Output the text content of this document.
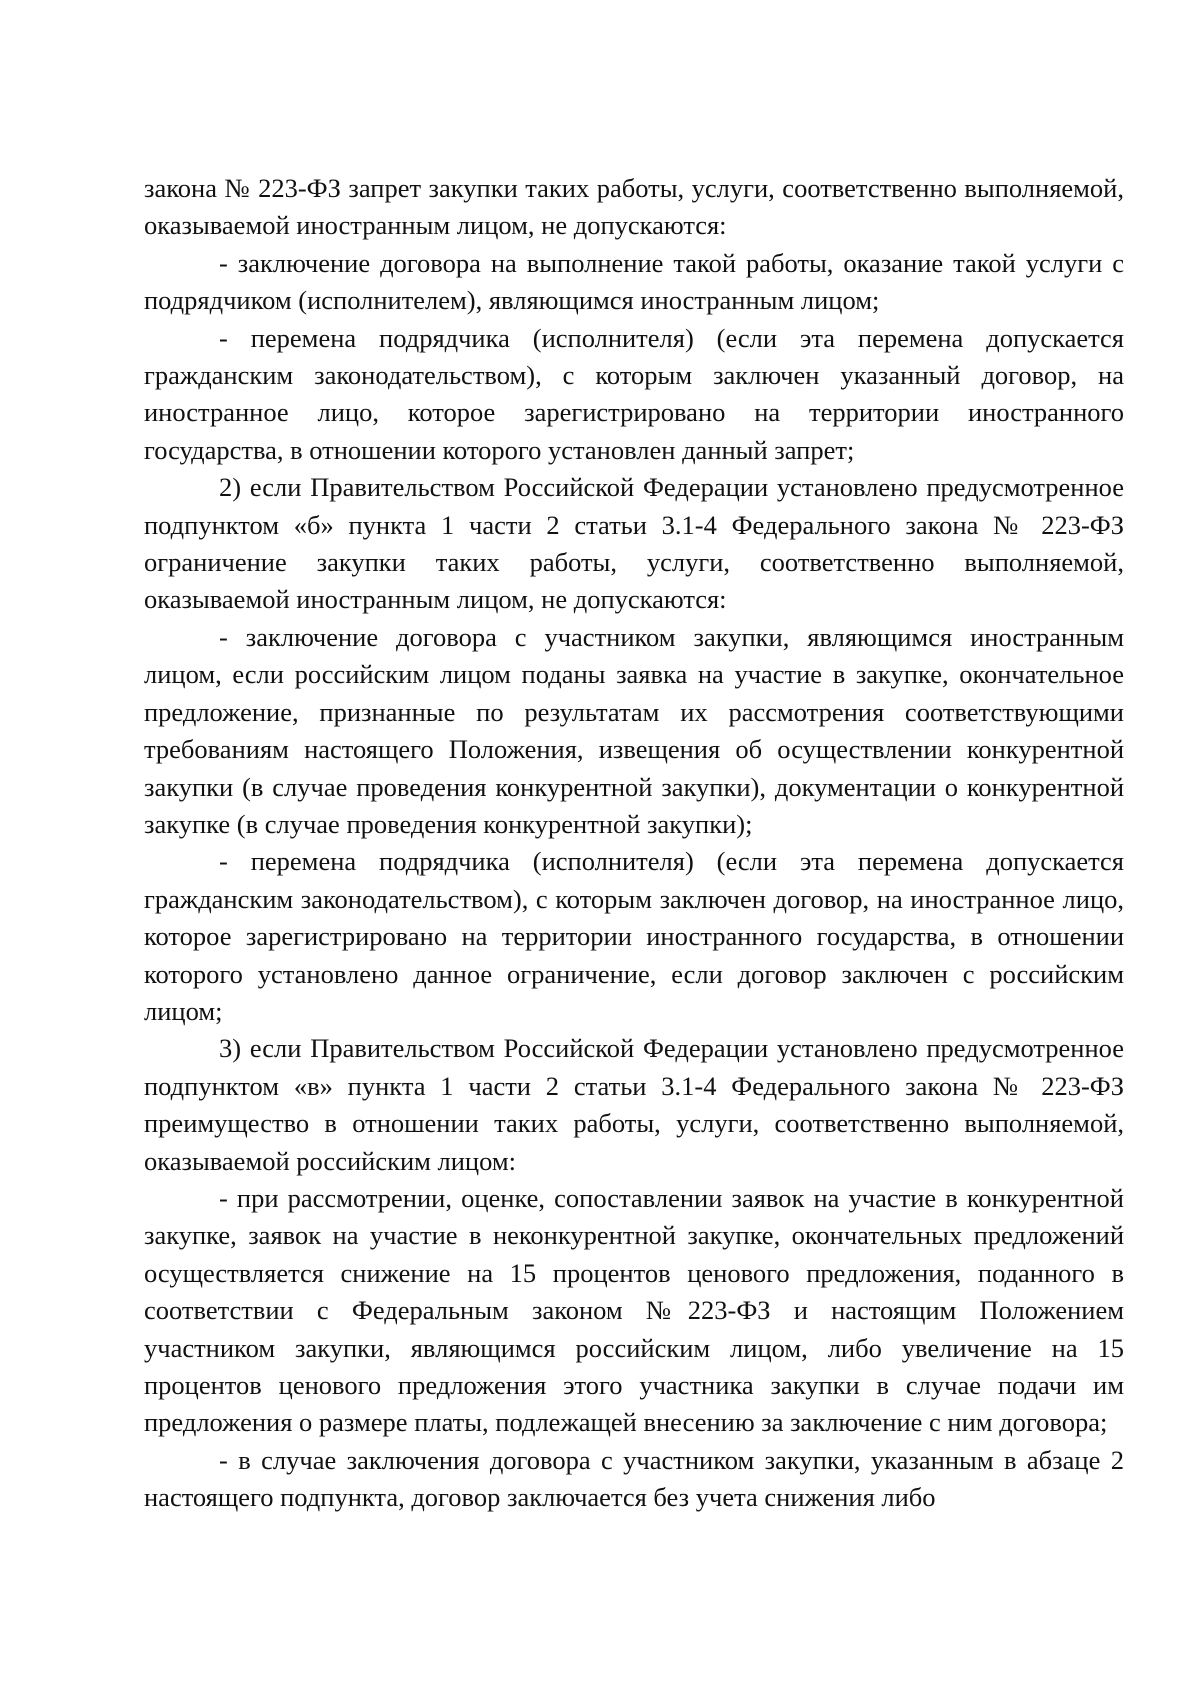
закона № 223-ФЗ запрет закупки таких работы, услуги, соответственно выполняемой, оказываемой иностранным лицом, не допускаются:

- заключение договора на выполнение такой работы, оказание такой услуги с подрядчиком (исполнителем), являющимся иностранным лицом;

- перемена подрядчика (исполнителя) (если эта перемена допускается гражданским законодательством), с которым заключен указанный договор, на иностранное лицо, которое зарегистрировано на территории иностранного государства, в отношении которого установлен данный запрет;

2) если Правительством Российской Федерации установлено предусмотренное подпунктом «б» пункта 1 части 2 статьи 3.1-4 Федерального закона № 223-ФЗ ограничение закупки таких работы, услуги, соответственно выполняемой, оказываемой иностранным лицом, не допускаются:

- заключение договора с участником закупки, являющимся иностранным лицом, если российским лицом поданы заявка на участие в закупке, окончательное предложение, признанные по результатам их рассмотрения соответствующими требованиям настоящего Положения, извещения об осуществлении конкурентной закупки (в случае проведения конкурентной закупки), документации о конкурентной закупке (в случае проведения конкурентной закупки);

- перемена подрядчика (исполнителя) (если эта перемена допускается гражданским законодательством), с которым заключен договор, на иностранное лицо, которое зарегистрировано на территории иностранного государства, в отношении которого установлено данное ограничение, если договор заключен с российским лицом;

3) если Правительством Российской Федерации установлено предусмотренное подпунктом «в» пункта 1 части 2 статьи 3.1-4 Федерального закона № 223-ФЗ преимущество в отношении таких работы, услуги, соответственно выполняемой, оказываемой российским лицом:

- при рассмотрении, оценке, сопоставлении заявок на участие в конкурентной закупке, заявок на участие в неконкурентной закупке, окончательных предложений осуществляется снижение на 15 процентов ценового предложения, поданного в соответствии с Федеральным законом №223-ФЗ и настоящим Положением участником закупки, являющимся российским лицом, либо увеличение на 15 процентов ценового предложения этого участника закупки в случае подачи им предложения о размере платы, подлежащей внесению за заключение с ним договора;

- в случае заключения договора с участником закупки, указанным в абзаце 2 настоящего подпункта, договор заключается без учета снижения либо
